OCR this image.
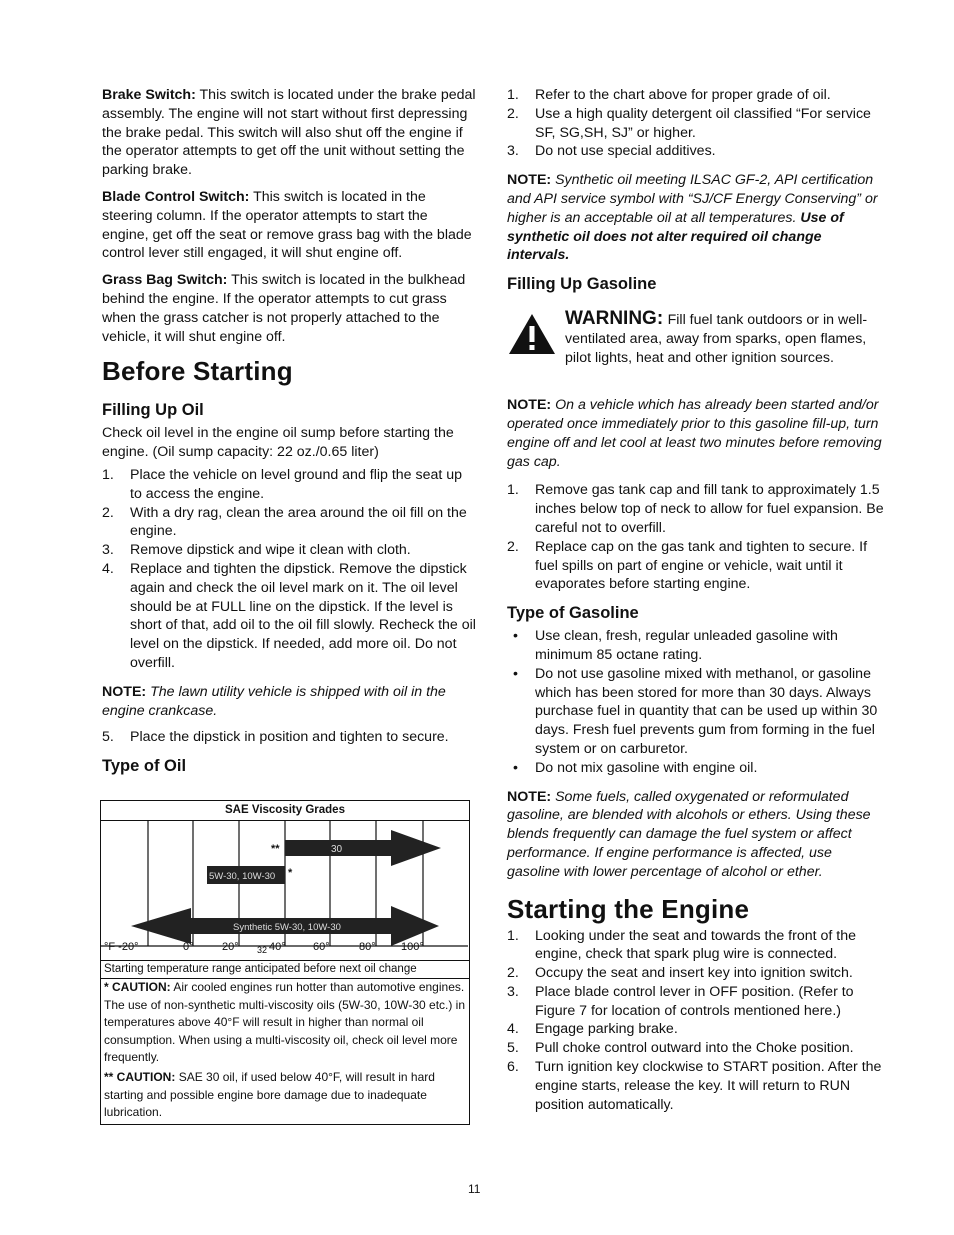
Brake Switch: This switch is located under the brake pedal assembly. The engine will not start without first depressing the brake pedal. This switch will also shut off the engine if the operator attempts to get off the unit without setting the parking brake.

Blade Control Switch: This switch is located in the steering column. If the operator attempts to start the engine, get off the seat or remove grass bag with the blade control lever still engaged, it will shut engine off.

Grass Bag Switch: This switch is located in the bulkhead behind the engine. If the operator attempts to cut grass when the grass catcher is not properly attached to the vehicle, it will shut engine off.

Before Starting
Filling Up Oil

Check oil level in the engine oil sump before starting the engine. (Oil sump capacity: 22 oz./0.65 liter)

1. Place the vehicle on level ground and flip the seat up to access the engine.
2. With a dry rag, clean the area around the oil fill on the engine.
3. Remove dipstick and wipe it clean with cloth.
4. Replace and tighten the dipstick. Remove the dipstick again and check the oil level mark on it. The oil level should be at FULL line on the dipstick. If the level is short of that, add oil to the oil fill slowly. Recheck the oil level on the dipstick. If needed, add more oil. Do not overfill.

NOTE: The lawn utility vehicle is shipped with oil in the engine crankcase.

5. Place the dipstick in position and tighten to secure.
Type of Oil
SAE Viscosity Grades
30
**
5W-30, 10W-30 *
Synthetic 5W-30, 10W-30
°F -20°	0°	20° 32 40° 60°	80° 100°
Starting temperature range anticipated before next oil change
* CAUTION: Air cooled engines run hotter than automotive engines. The use of non-synthetic multi-viscosity oils (5W-30, 10W-30 etc.) in temperatures above 40°F will result in higher than normal oil consumption. When using a multi-viscosity oil, check oil level more frequently.
** CAUTION: SAE 30 oil, if used below 40°F, will result in hard starting and possible engine bore damage due to inadequate lubrication.
1. Refer to the chart above for proper grade of oil.
2. Use a high quality detergent oil classified “For service SF, SG,SH, SJ” or higher.
3. Do not use special additives.

NOTE: Synthetic oil meeting ILSAC GF-2, API certification and API service symbol with “SJ/CF Energy Conserving” or higher is an acceptable oil at all temperatures. Use of synthetic oil does not alter required oil change intervals.

Filling Up Gasoline
WARNING: Fill fuel tank outdoors or in well-ventilated area, away from sparks, open flames, pilot lights, heat and other ignition sources.

NOTE: On a vehicle which has already been started and/or operated once immediately prior to this gasoline fill-up, turn engine off and let cool at least two minutes before removing gas cap.

1. Remove gas tank cap and fill tank to approximately 1.5 inches below top of neck to allow for fuel expansion. Be careful not to overfill.
2. Replace cap on the gas tank and tighten to secure. If fuel spills on part of engine or vehicle, wait until it evaporates before starting engine.
Type of Gasoline
• Use clean, fresh, regular unleaded gasoline with minimum 85 octane rating.
• Do not use gasoline mixed with methanol, or gasoline which has been stored for more than 30 days. Always purchase fuel in quantity that can be used up within 30 days. Fresh fuel prevents gum from forming in the fuel system or on carburetor.
• Do not mix gasoline with engine oil.

NOTE: Some fuels, called oxygenated or reformulated gasoline, are blended with alcohols or ethers. Using these blends frequently can damage the fuel system or affect performance. If engine performance is affected, use gasoline with lower percentage of alcohol or ether.

Starting the Engine
1. Looking under the seat and towards the front of the engine, check that spark plug wire is connected.
2. Occupy the seat and insert key into ignition switch.
3. Place blade control lever in OFF position. (Refer to Figure 7 for location of controls mentioned here.)
4. Engage parking brake.
5. Pull choke control outward into the Choke position.
6. Turn ignition key clockwise to START position. After the engine starts, release the key. It will return to RUN position automatically.
11
